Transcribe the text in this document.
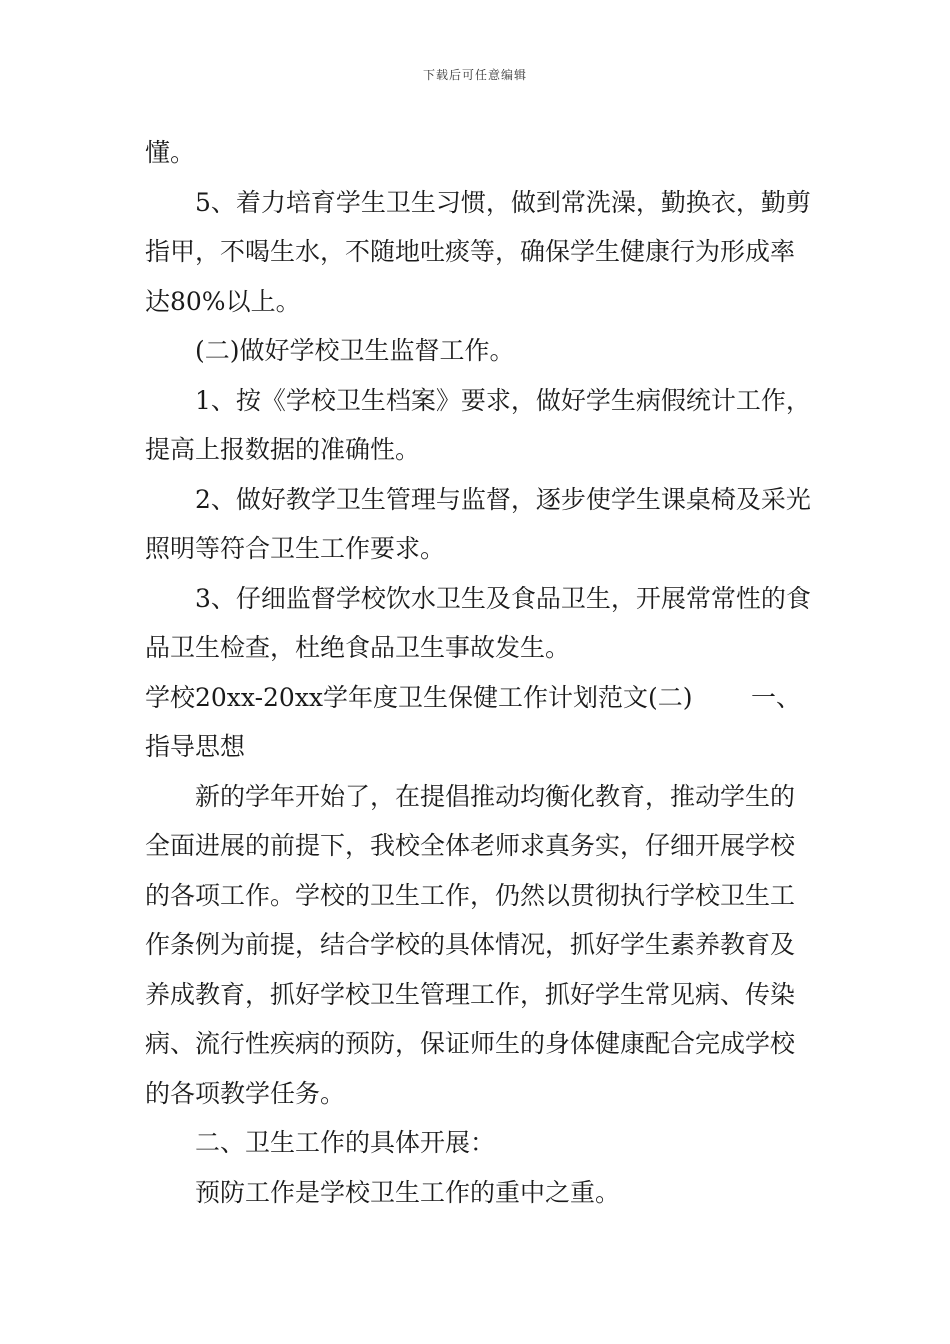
下载后可任意编辑

懂。

5、着力培育学生卫生习惯，做到常洗澡，勤换衣，勤剪指甲，不喝生水，不随地吐痰等，确保学生健康行为形成率达80%以上。

(二)做好学校卫生监督工作。

1、按《学校卫生档案》要求，做好学生病假统计工作，提高上报数据的准确性。

2、做好教学卫生管理与监督，逐步使学生课桌椅及采光照明等符合卫生工作要求。

3、仔细监督学校饮水卫生及食品卫生，开展常常性的食品卫生检查，杜绝食品卫生事故发生。

学校20xx-20xx学年度卫生保健工作计划范文(二) 一、

指导思想

新的学年开始了，在提倡推动均衡化教育，推动学生的全面进展的前提下，我校全体老师求真务实，仔细开展学校的各项工作。学校的卫生工作，仍然以贯彻执行学校卫生工作条例为前提，结合学校的具体情况，抓好学生素养教育及养成教育，抓好学校卫生管理工作，抓好学生常见病、传染病、流行性疾病的预防，保证师生的身体健康配合完成学校的各项教学任务。

二、卫生工作的具体开展：

预防工作是学校卫生工作的重中之重。
